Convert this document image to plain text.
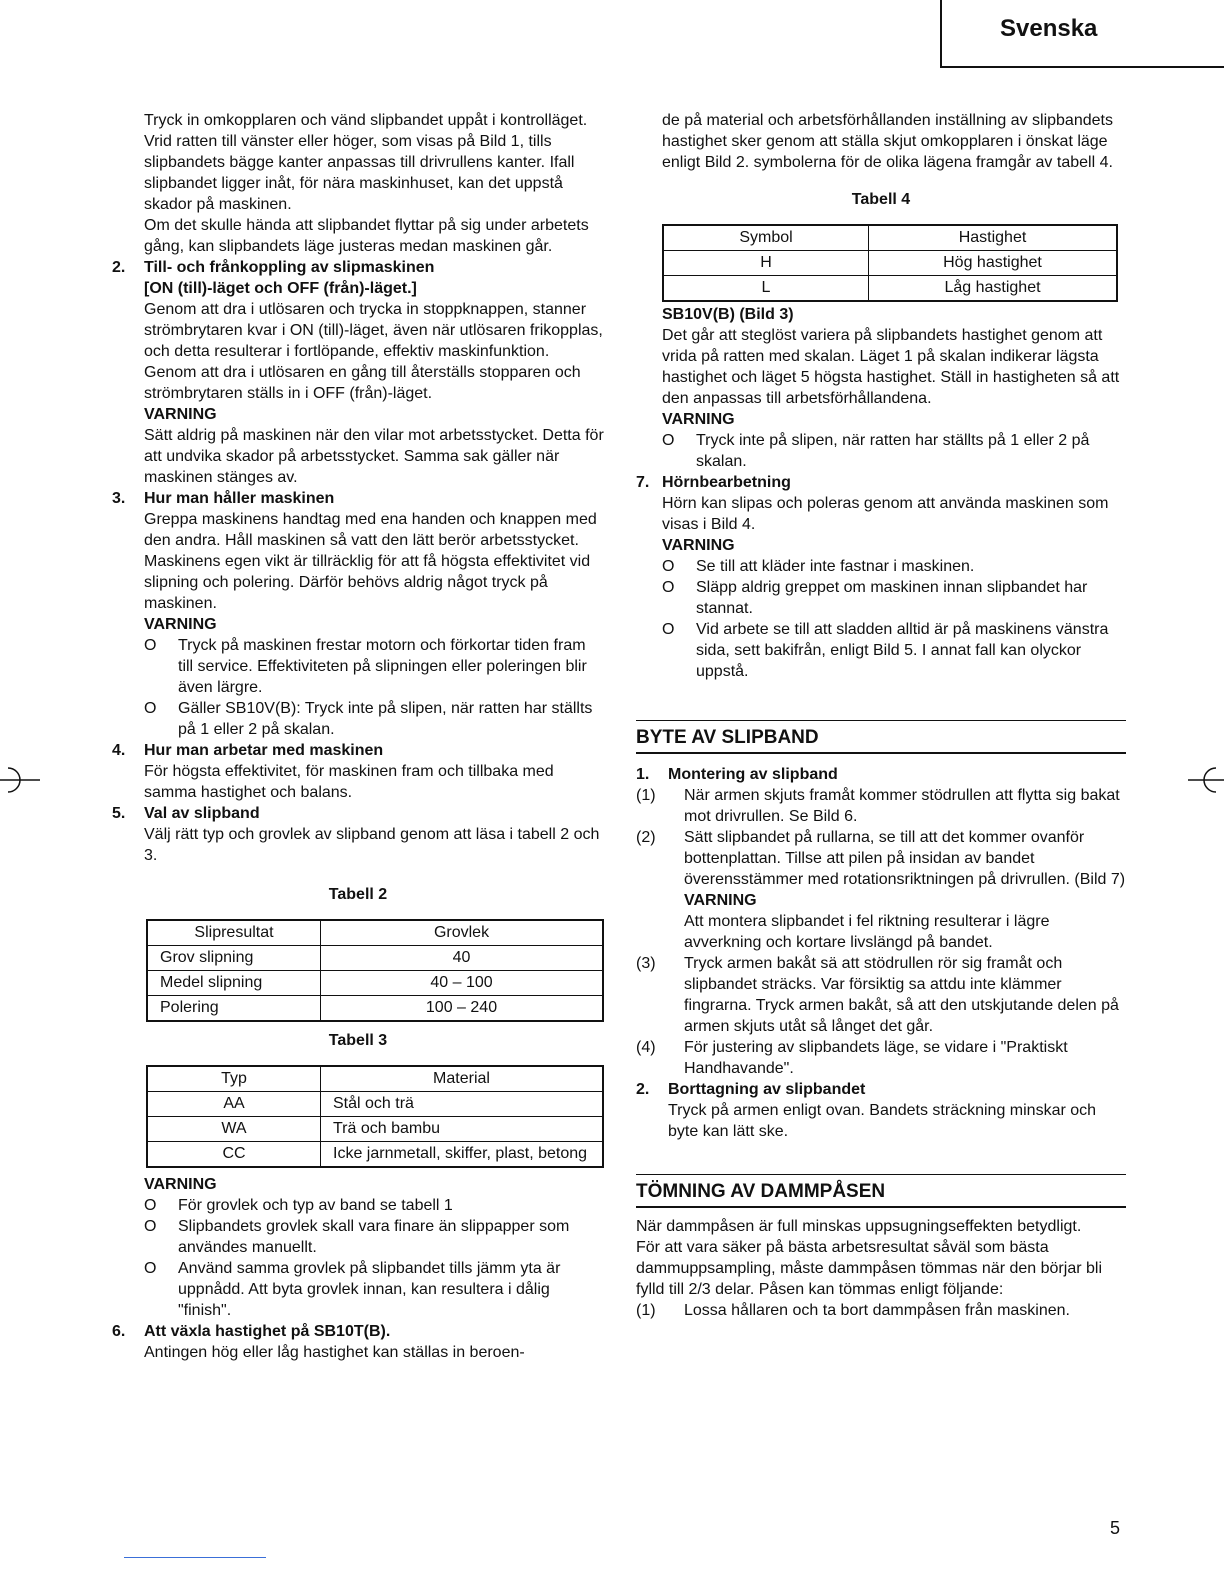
Svenska

Tryck in omkopplaren och vänd slipbandet uppåt i kontrolläget. Vrid ratten till vänster eller höger, som visas på Bild 1, tills slipbandets bägge kanter anpassas till drivrullens kanter. Ifall slipbandet ligger inåt, för nära maskinhuset, kan det uppstå skador på maskinen.

Om det skulle hända att slipbandet flyttar på sig under arbetets gång, kan slipbandets läge justeras medan maskinen går.

2. Till- och frånkoppling av slipmaskinen

[ON (till)-läget och OFF (från)-läget.]

Genom att dra i utlösaren och trycka in stoppknappen, stanner strömbrytaren kvar i ON (till)-läget, även när utlösaren frikopplas, och detta resulterar i fortlöpande, effektiv maskinfunktion. Genom att dra i utlösaren en gång till återställs stopparen och strömbrytaren ställs in i OFF (från)-läget.

VARNING

Sätt aldrig på maskinen när den vilar mot arbetsstycket. Detta för att undvika skador på arbetsstycket. Samma sak gäller när maskinen stänges av.

3. Hur man håller maskinen

Greppa maskinens handtag med ena handen och knappen med den andra. Håll maskinen så vatt den lätt berör arbetsstycket. Maskinens egen vikt är tillräcklig för att få högsta effektivitet vid slipning och polering. Därför behövs aldrig något tryck på maskinen.

VARNING

O Tryck på maskinen frestar motorn och förkortar tiden fram till service. Effektiviteten på slipningen eller poleringen blir även lärgre.
O Gäller SB10V(B): Tryck inte på slipen, när ratten har ställts på 1 eller 2 på skalan.
4. Hur man arbetar med maskinen

För högsta effektivitet, för maskinen fram och tillbaka med samma hastighet och balans.

5. Val av slipband

Välj rätt typ och grovlek av slipband genom att läsa i tabell 2 och 3.

Tabell 2

Slipresultat	Grovlek
Grov slipning	40
Medel slipning	40 – 100
Polering	100 – 240

Tabell 3

Typ	Material
AA	Stål och trä
WA	Trä och bambu
CC	Icke jarnmetall, skiffer, plast, betong

VARNING

O För grovlek och typ av band se tabell 1
O Slipbandets grovlek skall vara finare än slippapper som användes manuellt.
O Använd samma grovlek på slipbandet tills jämm yta är uppnådd. Att byta grovlek innan, kan resultera i dålig "finish".
6. Att växla hastighet på SB10T(B).

Antingen hög eller låg hastighet kan ställas in beroen-

de på material och arbetsförhållanden inställning av slipbandets hastighet sker genom att ställa skjut omkopplaren i önskat läge enligt Bild 2. symbolerna för de olika lägena framgår av tabell 4.

Tabell 4

Symbol	Hastighet
H	Hög hastighet
L	Låg hastighet

SB10V(B) (Bild 3)

Det går att steglöst variera på slipbandets hastighet genom att vrida på ratten med skalan. Läget 1 på skalan indikerar lägsta hastighet och läget 5 högsta hastighet. Ställ in hastigheten så att den anpassas till arbetsförhållandena.

VARNING

O Tryck inte på slipen, när ratten har ställts på 1 eller 2 på skalan.
7. Hörnbearbetning

Hörn kan slipas och poleras genom att använda maskinen som visas i Bild 4.

VARNING

O Se till att kläder inte fastnar i maskinen.
O Släpp aldrig greppet om maskinen innan slipbandet har stannat.
O Vid arbete se till att sladden alltid är på maskinens vänstra sida, sett bakifrån, enligt Bild 5. I annat fall kan olyckor uppstå.

BYTE AV SLIPBAND

1. Montering av slipband

(1) När armen skjuts framåt kommer stödrullen att flytta sig bakat mot drivrullen. Se Bild 6.
(2) Sätt slipbandet på rullarna, se till att det kommer ovanför bottenplattan. Tillse att pilen på insidan av bandet överensstämmer med rotationsriktningen på drivrullen. (Bild 7)

VARNING

Att montera slipbandet i fel riktning resulterar i lägre avverkning och kortare livslängd på bandet.

(3) Tryck armen bakåt sä att stödrullen rör sig framåt och slipbandet sträcks. Var försiktig sa attdu inte klämmer fingrarna. Tryck armen bakåt, så att den utskjutande delen på armen skjuts utåt så långet det går.
(4) För justering av slipbandets läge, se vidare i "Praktiskt Handhavande".
2. Borttagning av slipbandet

Tryck på armen enligt ovan. Bandets sträckning minskar och byte kan lätt ske.

TÖMNING AV DAMMPÅSEN

När dammpåsen är full minskas uppsugningseffekten betydligt.

För att vara säker på bästa arbetsresultat såväl som bästa dammuppsampling, måste dammpåsen tömmas när den börjar bli fylld till 2/3 delar. Påsen kan tömmas enligt följande:

(1) Lossa hållaren och ta bort dammpåsen från maskinen.
5
